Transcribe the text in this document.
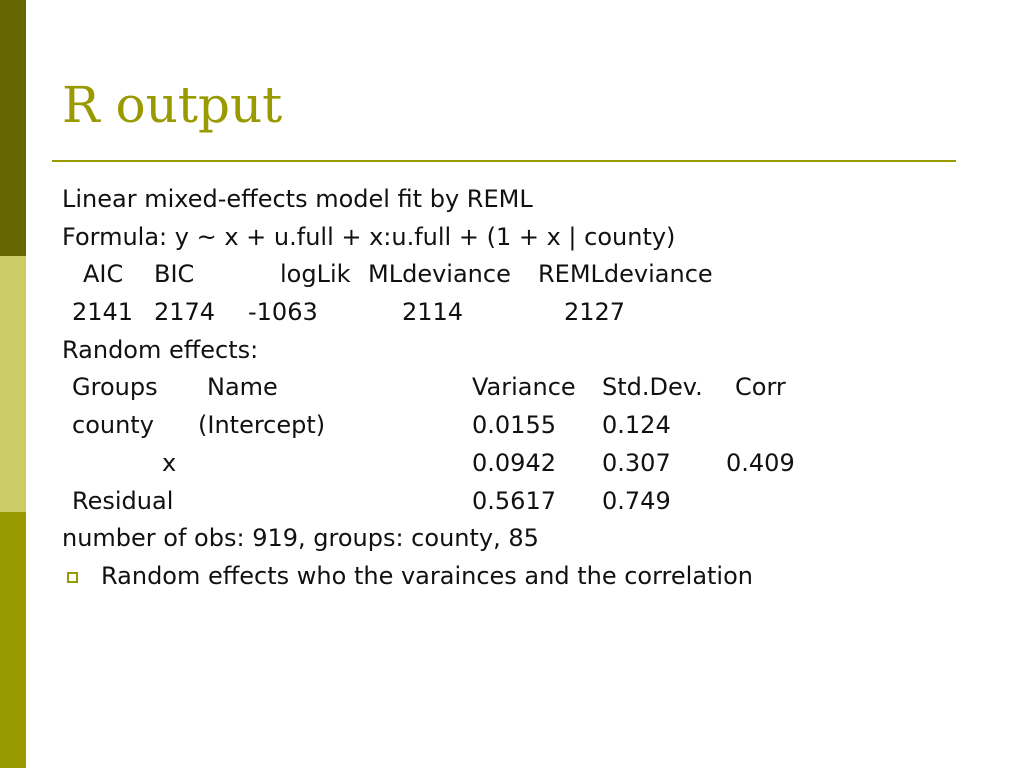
R output
Linear mixed-effects model fit by REML
Formula: y ~ x + u.full + x:u.full + (1 + x | county)
AIC BIC	logLik MLdeviance REMLdeviance
2141 2174 -1063	2114	2127
Random effects:
Groups Name	Variance Std.Dev. Corr
county (Intercept)	0.0155 0.124
x	0.0942 0.307 0.409
Residual	0.5617 0.749
number of obs: 919, groups: county, 85
Random effects who the varainces and the correlation
